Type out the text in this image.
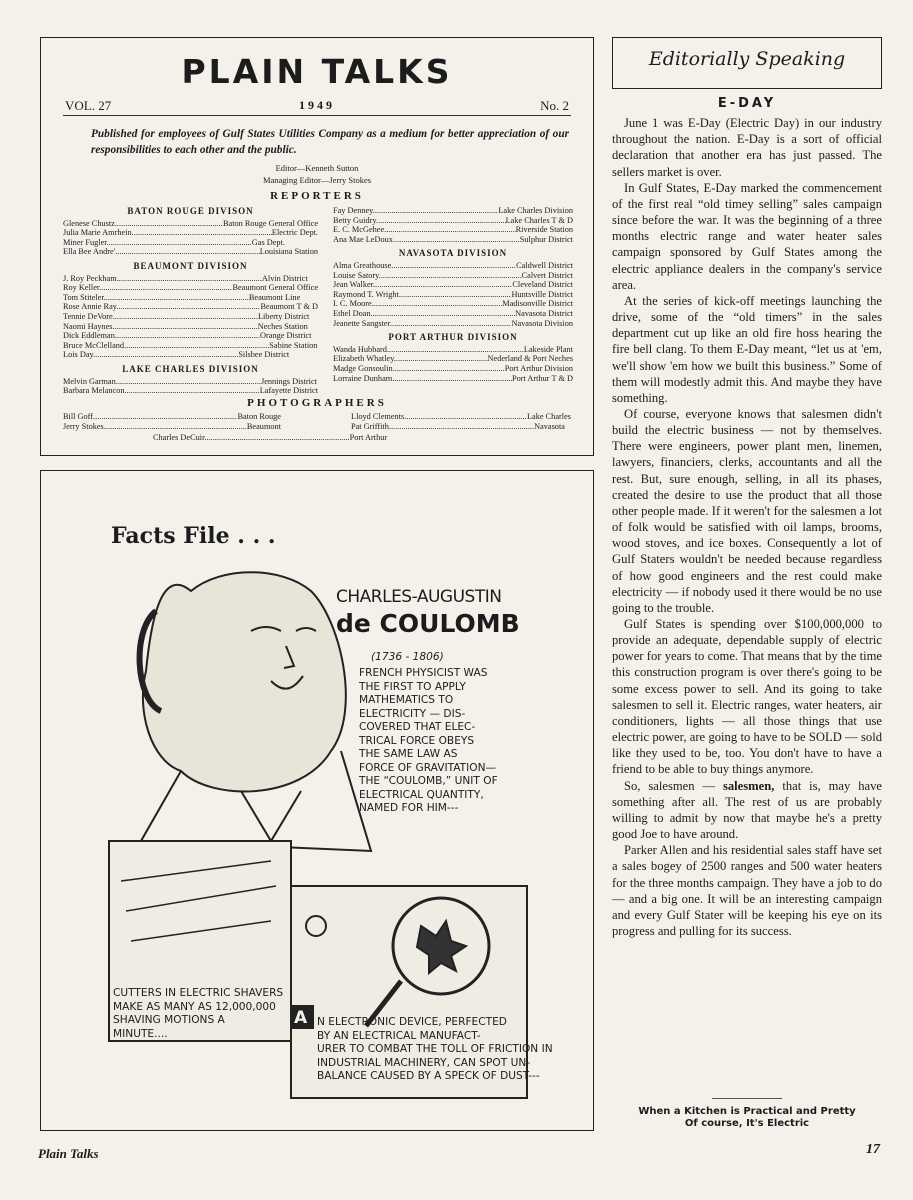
PLAIN TALKS
VOL. 27	1949	No. 2
Published for employees of Gulf States Utilities Company as a medium for better appreciation of our responsibilities to each other and the public.
Editor—Kenneth Sutton
Managing Editor—Jerry Stokes
REPORTERS
BATON ROUGE DIVISON
Glenese Chustz .....	Baton Rouge General Office
Julia Marie Amrhein .....	Electric Dept.
Miner Fugler .....	Gas Dept.
Ella Bee Andre' .....	Louisiana Station
BEAUMONT DIVISION
J. Roy Peckham .....	Alvin District
Roy Keller .....	Beaumont General Office
Tom Stiteler .....	Beaumont Line
Rose Annie Ray .....	Beaumont T & D
Tennie DeVore .....	Liberty District
Naomi Haynes .....	Neches Station
Dick Eddleman .....	Orange District
Bruce McClelland .....	Sabine Station
Lois Day .....	Silsbee District
LAKE CHARLES DIVISION
Melvin Garman .....	Jennings District
Barbara Melancon .....	Lafayette District
Fay Denney .....	Lake Charles Division
Betty Guidry .....	Lake Charles T & D
E. C. McGehee .....	Riverside Station
Ana Mae LeDoux .....	Sulphur District
NAVASOTA DIVISION
Alma Greathouse .....	Caldwell District
Louise Satory .....	Calvert District
Jean Walker .....	Cleveland District
Raymond T. Wright .....	Huntsville District
I. C. Moore .....	Madisonville District
Ethel Doan .....	Navasota District
Jeanette Sangster .....	Navasota Division
PORT ARTHUR DIVISION
Wanda Hubbard .....	Lakeside Plant
Elizabeth Whatley .....	Nederland & Port Neches
Madge Gonsoulin .....	Port Arthur Division
Lorraine Dunham .....	Port Arthur T & D
PHOTOGRAPHERS
Bill Goff .....	Baton Rouge
Jerry Stokes .....	Beaumont
Lloyd Clements .....	Lake Charles
Pat Griffith .....	Navasota
Charles DeCuir .....	Port Arthur
Editorially Speaking
E-DAY

June 1 was E-Day (Electric Day) in our industry throughout the nation. E-Day is a sort of official declaration that another era has just passed. The sellers market is over.

In Gulf States, E-Day marked the commencement of the first real “old timey selling” sales campaign since before the war. It was the beginning of a three months electric range and water heater sales campaign sponsored by Gulf States among the electric appliance dealers in the company's service area.

At the series of kick-off meetings launching the drive, some of the “old timers” in the sales department cut up like an old fire hoss hearing the fire bell clang. To them E-Day meant, “let us at 'em, we'll show 'em how we built this business.” Some of them will modestly admit this. And maybe they have something.

Of course, everyone knows that salesmen didn't build the electric business — not by themselves. There were engineers, power plant men, linemen, lawyers, financiers, clerks, accountants and all the rest. But, sure enough, selling, in all its phases, created the desire to use the product that all those other people made. If it weren't for the salesmen a lot of folk would be satisfied with oil lamps, brooms, wood stoves, and ice boxes. Consequently a lot of Gulf Staters wouldn't be needed because regardless of how good engineers and the rest could make electricity — if nobody used it there would be no use going to the trouble.

Gulf States is spending over $100,000,000 to provide an adequate, dependable supply of electric power for years to come. That means that by the time this construction program is over there's going to be some excess power to sell. And its going to take salesmen to sell it. Electric ranges, water heaters, air conditioners, lights — all those things that use electric power, are going to have to be SOLD — sold like they used to be, too. You don't have to have a friend to be able to buy things anymore.

So, salesmen — salesmen, that is, may have something after all. The rest of us are probably willing to admit by now that maybe he's a pretty good Joe to have around.

Parker Allen and his residential sales staff have set a sales bogey of 2500 ranges and 500 water heaters for the three months campaign. They have a job to do — and a big one. It will be an interesting campaign and every Gulf Stater will be keeping his eye on its progress and pulling for its success.

When a Kitchen is Practical and Pretty
Of course, It's Electric
Facts File . . .
CHARLES-AUGUSTIN
de COULOMB
(1736 - 1806)
FRENCH PHYSICIST WAS
THE FIRST TO APPLY
MATHEMATICS TO
ELECTRICITY — DIS-
COVERED THAT ELEC-
TRICAL FORCE OBEYS
THE SAME LAW AS
FORCE OF GRAVITATION—
THE “COULOMB,” UNIT OF
ELECTRICAL QUANTITY,
NAMED FOR HIM---
CUTTERS IN ELECTRIC SHAVERS
MAKE AS MANY AS 12,000,000
SHAVING MOTIONS A
MINUTE....
A N ELECTRONIC DEVICE, PERFECTED
BY AN ELECTRICAL MANUFACT-
URER TO COMBAT THE TOLL OF FRICTION IN
INDUSTRIAL MACHINERY, CAN SPOT UN-
BALANCE CAUSED BY A SPECK OF DUST---
Plain Talks	17
